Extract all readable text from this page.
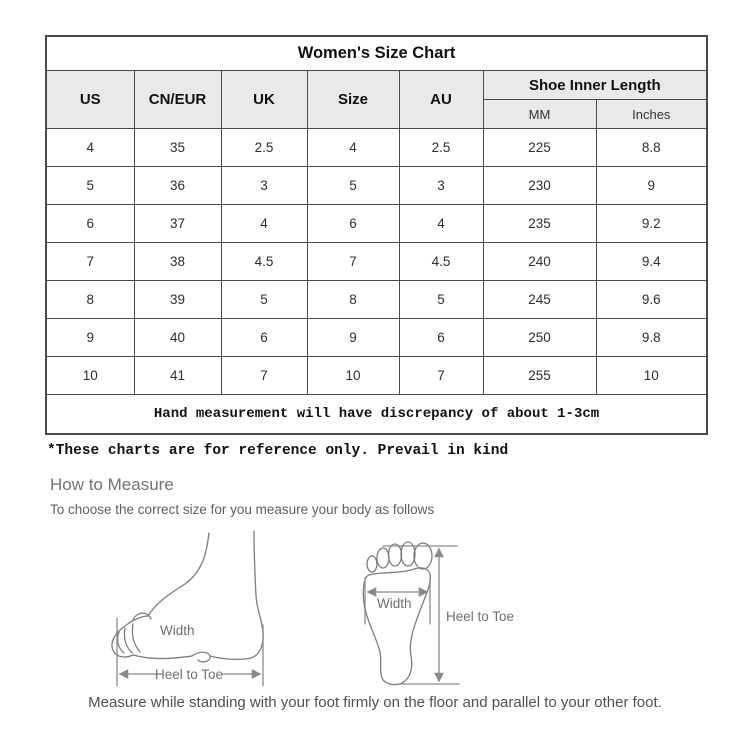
Women's Size Chart						
US	CN/EUR	UK	Size	AU	Shoe Inner Length	
					MM	Inches
4	35	2.5	4	2.5	225	8.8
5	36	3	5	3	230	9
6	37	4	6	4	235	9.2
7	38	4.5	7	4.5	240	9.4
8	39	5	8	5	245	9.6
9	40	6	9	6	250	9.8
10	41	7	10	7	255	10
Hand measurement will have discrepancy of about 1-3cm						
*These charts are for reference only. Prevail in kind
How to Measure
To choose the correct size for you measure your body as follows
Width
Heel to Toe
Width
Heel to Toe
Measure while standing with your foot firmly on the floor and parallel to your other foot.
